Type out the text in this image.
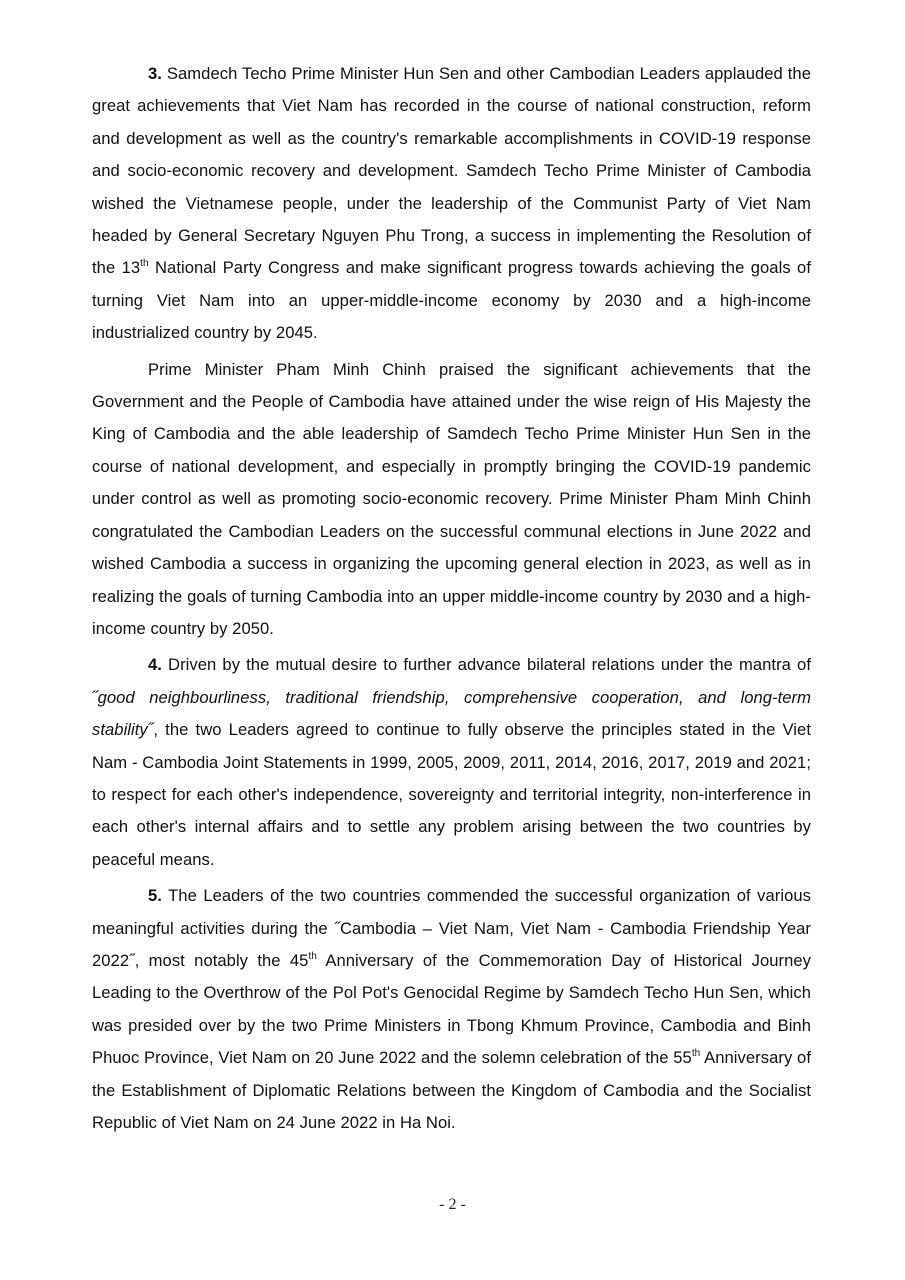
3. Samdech Techo Prime Minister Hun Sen and other Cambodian Leaders applauded the great achievements that Viet Nam has recorded in the course of national construction, reform and development as well as the country's remarkable accomplishments in COVID-19 response and socio-economic recovery and development. Samdech Techo Prime Minister of Cambodia wished the Vietnamese people, under the leadership of the Communist Party of Viet Nam headed by General Secretary Nguyen Phu Trong, a success in implementing the Resolution of the 13th National Party Congress and make significant progress towards achieving the goals of turning Viet Nam into an upper-middle-income economy by 2030 and a high-income industrialized country by 2045.

Prime Minister Pham Minh Chinh praised the significant achievements that the Government and the People of Cambodia have attained under the wise reign of His Majesty the King of Cambodia and the able leadership of Samdech Techo Prime Minister Hun Sen in the course of national development, and especially in promptly bringing the COVID-19 pandemic under control as well as promoting socio-economic recovery. Prime Minister Pham Minh Chinh congratulated the Cambodian Leaders on the successful communal elections in June 2022 and wished Cambodia a success in organizing the upcoming general election in 2023, as well as in realizing the goals of turning Cambodia into an upper middle-income country by 2030 and a high-income country by 2050.

4. Driven by the mutual desire to further advance bilateral relations under the mantra of ˝good neighbourliness, traditional friendship, comprehensive cooperation, and long-term stability˝, the two Leaders agreed to continue to fully observe the principles stated in the Viet Nam - Cambodia Joint Statements in 1999, 2005, 2009, 2011, 2014, 2016, 2017, 2019 and 2021; to respect for each otherʹs independence, sovereignty and territorial integrity, non-interference in each otherʹs internal affairs and to settle any problem arising between the two countries by peaceful means.

5. The Leaders of the two countries commended the successful organization of various meaningful activities during the ˝Cambodia – Viet Nam, Viet Nam - Cambodia Friendship Year 2022˝, most notably the 45th Anniversary of the Commemoration Day of Historical Journey Leading to the Overthrow of the Pol Potʹs Genocidal Regime by Samdech Techo Hun Sen, which was presided over by the two Prime Ministers in Tbong Khmum Province, Cambodia and Binh Phuoc Province, Viet Nam on 20 June 2022 and the solemn celebration of the 55th Anniversary of the Establishment of Diplomatic Relations between the Kingdom of Cambodia and the Socialist Republic of Viet Nam on 24 June 2022 in Ha Noi.

- 2 -
